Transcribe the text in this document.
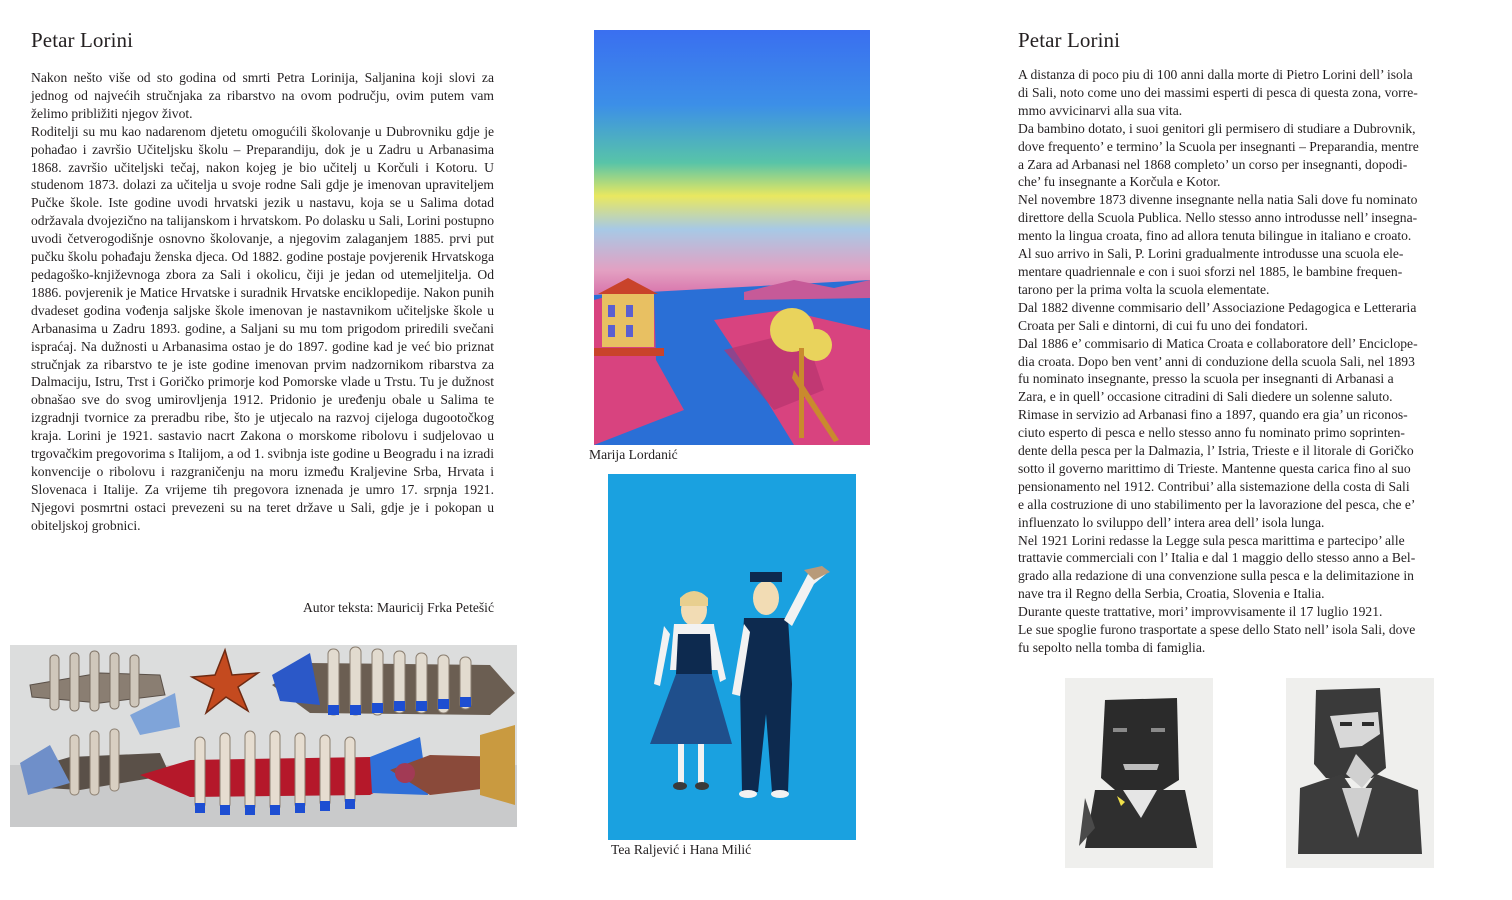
Petar Lorini

Nakon nešto više od sto godina od smrti Petra Lorinija, Saljanina koji slovi za jednog od najvećih stručnjaka za ribarstvo na ovom području, ovim putem vam želimo približiti njegov život.

Roditelji su mu kao nadarenom djetetu omogućili školovanje u Dubrovniku gdje je pohađao i završio Učiteljsku školu – Preparandiju, dok je u Zadru u Arbanasima 1868. završio učiteljski tečaj, nakon kojeg je bio učitelj u Korčuli i Kotoru. U studenom 1873. dolazi za učitelja u svoje rodne Sali gdje je imenovan upraviteljem Pučke škole. Iste godine uvodi hrvatski jezik u nastavu, koja se u Salima dotad održavala dvojezično na talijanskom i hrvatskom. Po dolasku u Sali, Lorini postupno uvodi četverogodišnje osnovno školovanje, a njegovim zalaganjem 1885. prvi put pučku školu pohađaju ženska djeca. Od 1882. godine postaje povjerenik Hrvatskoga pedagoško-književnoga zbora za Sali i okolicu, čiji je jedan od utemeljitelja. Od 1886. povjerenik je Matice Hrvatske i suradnik Hrvatske enciklopedije. Nakon punih dvadeset godina vođenja saljske škole imenovan je nastavnikom učiteljske škole u Arbanasima u Zadru 1893. godine, a Saljani su mu tom prigodom priredili svečani ispraćaj. Na dužnosti u Arbanasima ostao je do 1897. godine kad je već bio priznat stručnjak za ribarstvo te je iste godine imenovan prvim nadzornikom ribarstva za Dalmaciju, Istru, Trst i Goričko primorje kod Pomorske vlade u Trstu. Tu je dužnost obnašao sve do svog umirovljenja 1912. Pridonio je uređenju obale u Salima te izgradnji tvornice za preradbu ribe, što je utjecalo na razvoj cijeloga dugootočkog kraja. Lorini je 1921. sastavio nacrt Zakona o morskome ribolovu i sudjelovao u trgovačkim pregovorima s Italijom, a od 1. svibnja iste godine u Beogradu i na izradi konvencije o ribolovu i razgraničenju na moru između Kraljevine Srba, Hrvata i Slovenaca i Italije. Za vrijeme tih pregovora iznenada je umro 17. srpnja 1921. Njegovi posmrtni ostaci prevezeni su na teret države u Sali, gdje je i pokopan u obiteljskoj grobnici.

Autor teksta: Mauricij Frka Petešić
Marija Lordanić
Tea Raljević i Hana Milić
Petar Lorini

A distanza di poco piu di 100 anni dalla morte di Pietro Lorini dell’ isola

di Sali, noto come uno dei massimi esperti di pesca di questa zona, vorre-

mmo avvicinarvi alla sua vita.

Da bambino dotato, i suoi genitori gli permisero di studiare a Dubrovnik,

dove frequento’ e termino’ la Scuola per insegnanti – Preparandia, mentre

a Zara ad Arbanasi nel 1868 completo’ un corso per insegnanti, dopodi-

che’ fu insegnante a Korčula e Kotor.

Nel novembre 1873 divenne insegnante nella natia Sali dove fu nominato

direttore della Scuola Publica. Nello stesso anno introdusse nell’ insegna-

mento la lingua croata, fino ad allora tenuta bilingue in italiano e croato.

Al suo arrivo in Sali, P. Lorini gradualmente introdusse una scuola ele-

mentare quadriennale e con i suoi sforzi nel 1885, le bambine frequen-

tarono per la prima volta la scuola elementate.

Dal 1882 divenne commisario dell’ Associazione Pedagogica e Letteraria

Croata per Sali e dintorni, di cui fu uno dei fondatori.

Dal 1886 e’ commisario di Matica Croata e collaboratore dell’ Enciclope-

dia croata. Dopo ben vent’ anni di conduzione della scuola Sali, nel 1893

fu nominato insegnante, presso la scuola per insegnanti di Arbanasi a

Zara, e in quell’ occasione citradini di Sali diedere un solenne saluto.

Rimase in servizio ad Arbanasi fino a 1897, quando era gia’ un riconos-

ciuto esperto di pesca e nello stesso anno fu nominato primo soprinten-

dente della pesca per la Dalmazia, l’ Istria, Trieste e il litorale di Goričko

sotto il governo marittimo di Trieste. Mantenne questa carica fino al suo

pensionamento nel 1912. Contribui’ alla sistemazione della costa di Sali

e alla costruzione di uno stabilimento per la lavorazione del pesca, che e’

influenzato lo sviluppo dell’ intera area dell’ isola lunga.

Nel 1921 Lorini redasse la Legge sula pesca marittima e partecipo’ alle

trattavie commerciali con l’ Italia e dal 1 maggio dello stesso anno a Bel-

grado alla redazione di una convenzione sulla pesca e la delimitazione in

nave tra il Regno della Serbia, Croatia, Slovenia e Italia.

Durante queste trattative, mori’ improvvisamente il 17 luglio 1921.

Le sue spoglie furono trasportate a spese dello Stato nell’ isola Sali, dove

fu sepolto nella tomba di famiglia.
